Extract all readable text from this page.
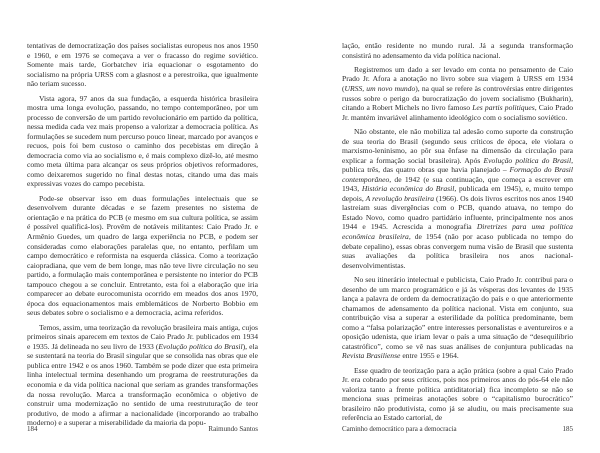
tentativas de democratização dos países socialistas europeus nos anos 1950 e 1960, e em 1976 se começava a ver o fracasso do regime soviético. Somente mais tarde, Gorbatchev iria equacionar o esgotamento do socialismo na própria URSS com a glasnost e a perestroika, que igualmente não teriam sucesso.

Vista agora, 97 anos da sua fundação, a esquerda histórica brasileira mostra uma longa evolução, passando, no tempo contemporâneo, por um processo de conversão de um partido revolucionário em partido da política, nessa medida cada vez mais propenso a valorizar a democracia política. As formulações se sucedem num percurso pouco linear, marcado por avanços e recuos, pois foi bem custoso o caminho dos pecebistas em direção à democracia como via ao socialismo e, é mais complexo dizê-lo, até mesmo como meta última para alcançar os seus próprios objetivos reformadores, como deixaremos sugerido no final destas notas, citando uma das mais expressivas vozes do campo pecebista.

Pode-se observar isso em duas formulações intelectuais que se desenvolvem durante décadas e se fazem presentes no sistema de orientação e na prática do PCB (e mesmo em sua cultura política, se assim é possível qualificá-los). Provêm de notáveis militantes: Caio Prado Jr. e Armênio Guedes, um quadro de larga experiência no PCB, e podem ser consideradas como elaborações paralelas que, no entanto, perfilam um campo democrático e reformista na esquerda clássica. Como a teorização caiopradiana, que vem de bem longe, mas não teve livre circulação no seu partido, a formulação mais contemporânea e persistente no interior do PCB tampouco chegou a se concluir. Entretanto, esta foi a elaboração que iria comparecer ao debate eurocomunista ocorrido em meados dos anos 1970, época dos equacionamentos mais emblemáticos de Norberto Bobbio em seus debates sobre o socialismo e a democracia, acima referidos.

Temos, assim, uma teorização da revolução brasileira mais antiga, cujos primeiros sinais aparecem em textos de Caio Prado Jr. publicados em 1934 e 1935. Já delineada no seu livro de 1933 (Evolução política do Brasil), ela se sustentará na teoria do Brasil singular que se consolida nas obras que ele publica entre 1942 e os anos 1960. Também se pode dizer que esta primeira linha intelectual termina desenhando um programa de reestruturações da economia e da vida política nacional que seriam as grandes transformações da nossa revolução. Marca a transformação econômica o objetivo de construir uma modernização no sentido de uma reestruturação de teor produtivo, de modo a afirmar a nacionalidade (incorporando ao trabalho moderno) e a superar a miserabilidade da maioria da popu-

184	Raimundo Santos

lação, então residente no mundo rural. Já a segunda transformação consistirá no adensamento da vida política nacional.

Registremos um dado a ser levado em conta no pensamento de Caio Prado Jr. Afora a anotação no livro sobre sua viagem à URSS em 1934 (URSS, um novo mundo), na qual se refere às controvérsias entre dirigentes russos sobre o perigo da burocratização do jovem socialismo (Bukharin), citando a Robert Michels no livro famoso Les partis politiques, Caio Prado Jr. mantém invariável alinhamento ideológico com o socialismo soviético.

Não obstante, ele não mobiliza tal adesão como suporte da construção de sua teoria do Brasil (segundo seus críticos de época, ele violara o marxismo-leninismo, ao pôr sua ênfase na dimensão da circulação para explicar a formação social brasileira). Após Evolução política do Brasil, publica três, das quatro obras que havia planejado – Formação do Brasil contemporâneo, de 1942 (e sua continuação, que começa a escrever em 1943, História econômica do Brasil, publicada em 1945), e, muito tempo depois, A revolução brasileira (1966). Os dois livros escritos nos anos 1940 lastreiam suas divergências com o PCB, quando atuava, no tempo do Estado Novo, como quadro partidário influente, principalmente nos anos 1944 e 1945. Acrescida a monografia Diretrizes para uma política econômica brasileira, de 1954 (não por acaso publicada no tempo do debate cepalino), essas obras convergem numa visão de Brasil que sustenta suas avaliações da política brasileira nos anos nacional-desenvolvimentistas.

No seu itinerário intelectual e publicista, Caio Prado Jr. contribui para o desenho de um marco programático e já às vésperas dos levantes de 1935 lança a palavra de ordem da democratização do país e o que anteriormente chamamos de adensamento da política nacional. Vista em conjunto, sua contribuição visa a superar a esterilidade da política predominante, bem como a “falsa polarização” entre interesses personalistas e aventureiros e a oposição udenista, que iriam levar o país a uma situação de “desequilíbrio catastrófico”, como se vê nas suas análises de conjuntura publicadas na Revista Brasiliense entre 1955 e 1964.

Esse quadro de teorização para a ação prática (sobre a qual Caio Prado Jr. era cobrado por seus críticos, pois nos primeiros anos do pós-64 ele não valoriza tanto a frente política antiditatorial) fica incompleto se não se menciona suas primeiras anotações sobre o “capitalismo burocrático” brasileiro não produtivista, como já se aludiu, ou mais precisamente sua referência ao Estado cartorial, de

Caminho democrático para a democracia	185
